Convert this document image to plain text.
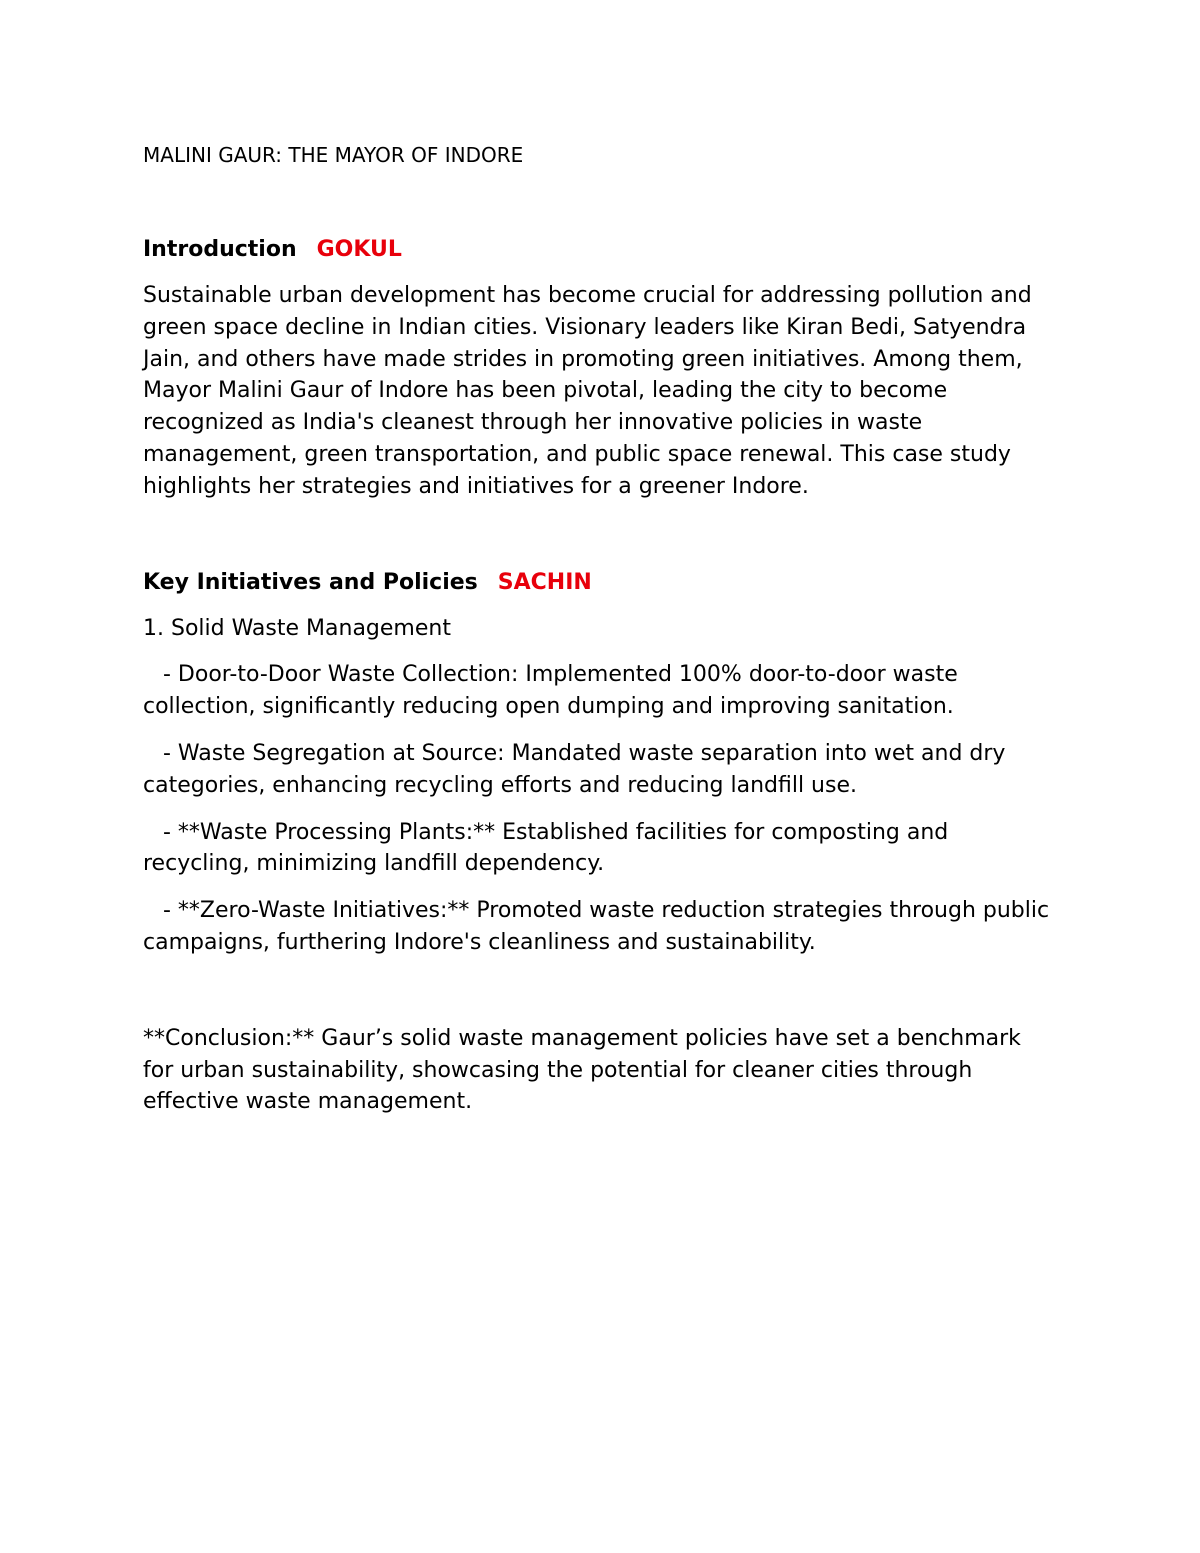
MALINI GAUR: THE MAYOR OF INDORE

Introduction GOKUL

Sustainable urban development has become crucial for addressing pollution and green space decline in Indian cities. Visionary leaders like Kiran Bedi, Satyendra Jain, and others have made strides in promoting green initiatives. Among them, Mayor Malini Gaur of Indore has been pivotal, leading the city to become recognized as India's cleanest through her innovative policies in waste management, green transportation, and public space renewal. This case study highlights her strategies and initiatives for a greener Indore.

Key Initiatives and Policies SACHIN

1. Solid Waste Management

- Door-to-Door Waste Collection: Implemented 100% door-to-door waste collection, significantly reducing open dumping and improving sanitation.

- Waste Segregation at Source: Mandated waste separation into wet and dry categories, enhancing recycling efforts and reducing landfill use.

- **Waste Processing Plants:** Established facilities for composting and recycling, minimizing landfill dependency.

- **Zero-Waste Initiatives:** Promoted waste reduction strategies through public campaigns, furthering Indore's cleanliness and sustainability.

**Conclusion:** Gaur’s solid waste management policies have set a benchmark for urban sustainability, showcasing the potential for cleaner cities through effective waste management.
